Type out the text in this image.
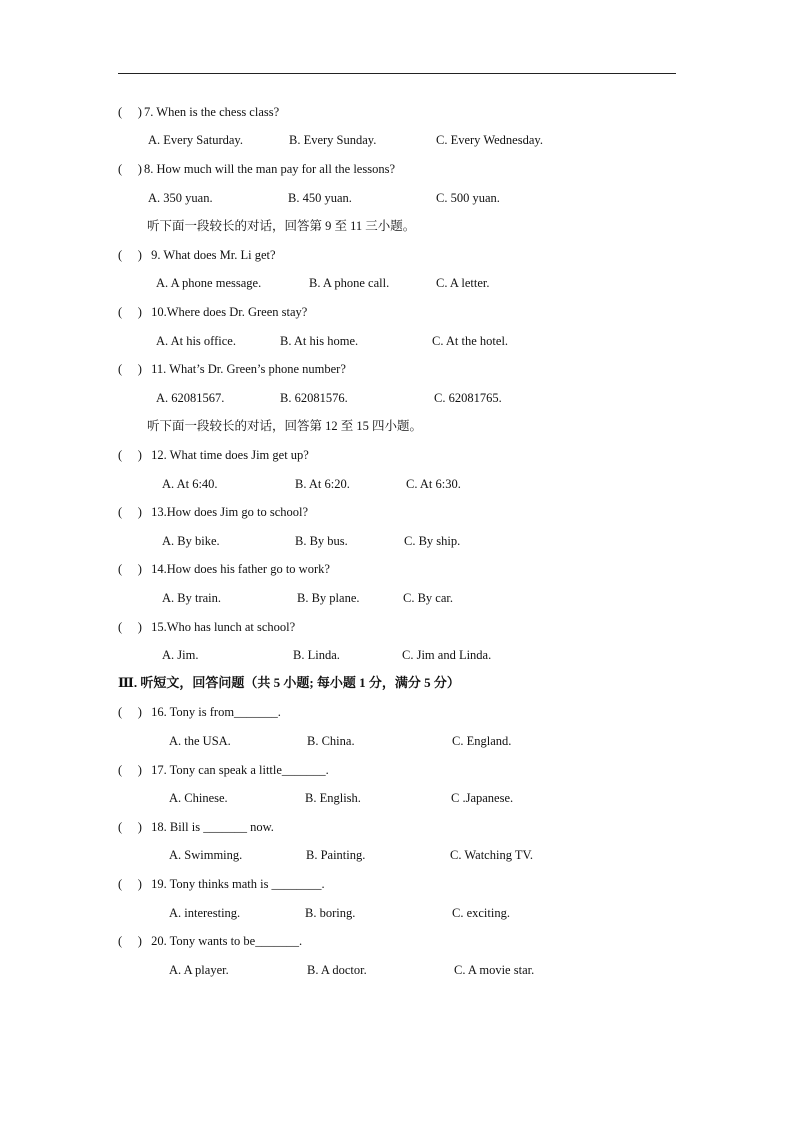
(     ) 7. When is the chess class?
A. Every Saturday.	B. Every Sunday.	C. Every Wednesday.
(     ) 8. How much will the man pay for all the lessons?
A. 350 yuan.	B. 450 yuan.	C. 500 yuan.
听下面一段较长的对话，回答第 9 至 11 三小题。
(     ) 9. What does Mr. Li get?
A. A phone message.	B. A phone call.	C. A letter.
(     ) 10.Where does Dr. Green stay?
A. At his office.	B. At his home.	C. At the hotel.
(     ) 11. What’s Dr. Green’s phone number?
A. 62081567.	B. 62081576.	C. 62081765.
听下面一段较长的对话，回答第 12 至 15 四小题。
(     ) 12. What time does Jim get up?
A. At 6:40.	B. At 6:20.	C. At 6:30.
(     ) 13.How does Jim go to school?
A. By bike.	B. By bus.	C. By ship.
(     ) 14.How does his father go to work?
A. By train.	B. By plane.	C. By car.
(     ) 15.Who has lunch at school?
A. Jim.	B. Linda.	C. Jim and Linda.
Ⅲ. 听短文，回答问题（共 5 小题; 每小题 1 分，满分 5 分）
(     ) 16. Tony is from_______.
A. the USA.	B. China.	C. England.
(     ) 17. Tony can speak a little_______.
A. Chinese.	B. English.	C .Japanese.
(     ) 18. Bill is _______ now.
A. Swimming.	B. Painting.	C. Watching TV.
(     ) 19. Tony thinks math is ________.
A. interesting.	B. boring.	C. exciting.
(     ) 20. Tony wants to be_______.
A. A player.	B. A doctor.	C. A movie star.
